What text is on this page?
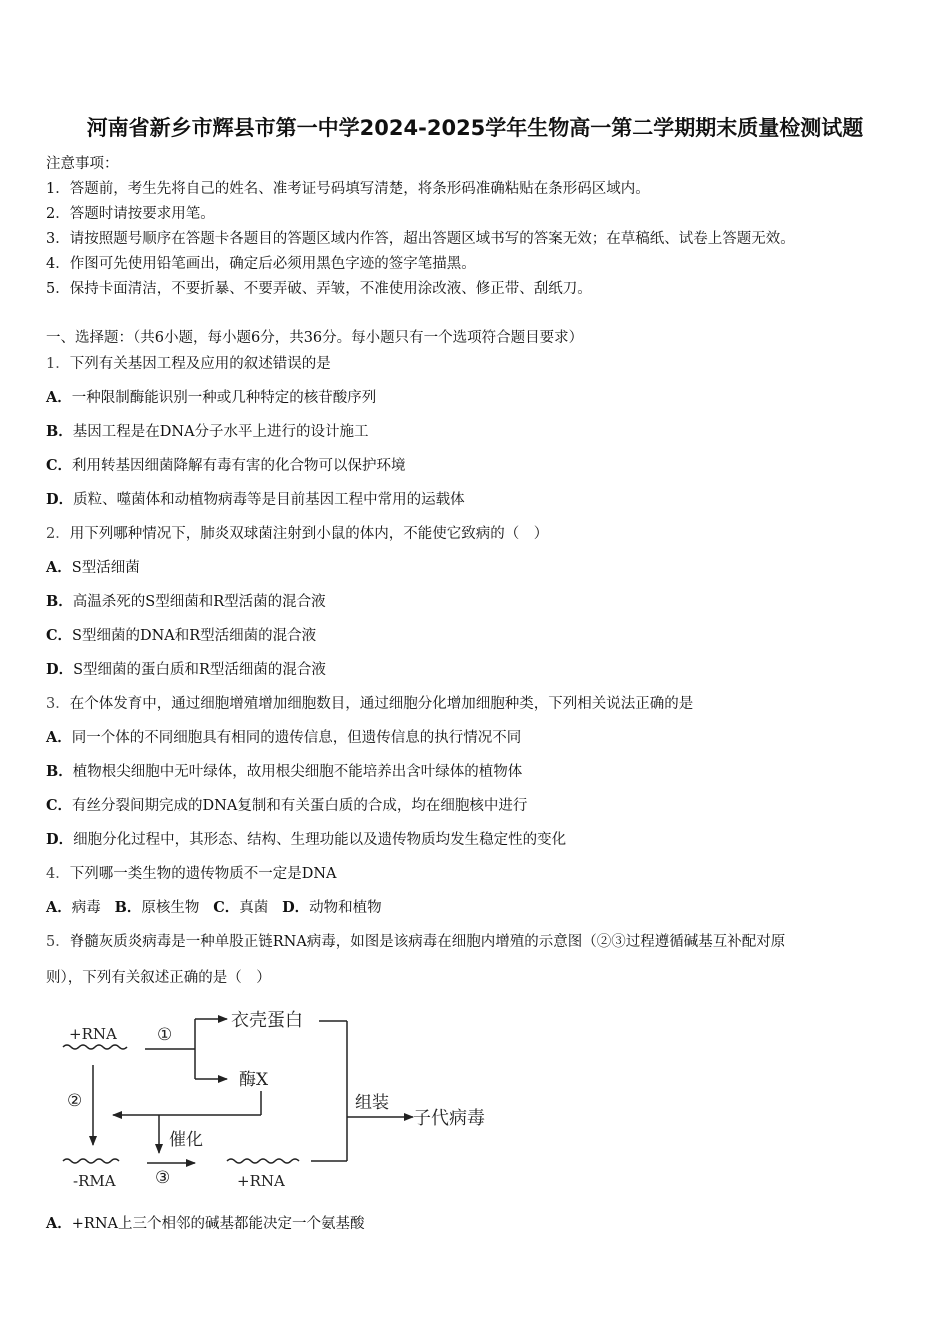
河南省新乡市辉县市第一中学2024-2025学年生物高一第二学期期末质量检测试题
注意事项：
1．答题前，考生先将自己的姓名、准考证号码填写清楚，将条形码准确粘贴在条形码区域内。
2．答题时请按要求用笔。
3．请按照题号顺序在答题卡各题目的答题区域内作答，超出答题区域书写的答案无效；在草稿纸、试卷上答题无效。
4．作图可先使用铅笔画出，确定后必须用黑色字迹的签字笔描黑。
5．保持卡面清洁，不要折暴、不要弄破、弄皱，不准使用涂改液、修正带、刮纸刀。
一、选择题：（共6小题，每小题6分，共36分。每小题只有一个选项符合题目要求）
1．下列有关基因工程及应用的叙述错误的是
A．一种限制酶能识别一种或几种特定的核苷酸序列
B．基因工程是在DNA分子水平上进行的设计施工
C．利用转基因细菌降解有毒有害的化合物可以保护环境
D．质粒、噬菌体和动植物病毒等是目前基因工程中常用的运载体
2．用下列哪种情况下，肺炎双球菌注射到小鼠的体内，不能使它致病的（　）
A．S型活细菌
B．高温杀死的S型细菌和R型活菌的混合液
C．S型细菌的DNA和R型活细菌的混合液
D．S型细菌的蛋白质和R型活细菌的混合液
3．在个体发育中，通过细胞增殖增加细胞数目，通过细胞分化增加细胞种类，下列相关说法正确的是
A．同一个体的不同细胞具有相同的遗传信息，但遗传信息的执行情况不同
B．植物根尖细胞中无叶绿体，故用根尖细胞不能培养出含叶绿体的植物体
C．有丝分裂间期完成的DNA复制和有关蛋白质的合成，均在细胞核中进行
D．细胞分化过程中，其形态、结构、生理功能以及遗传物质均发生稳定性的变化
4．下列哪一类生物的遗传物质不一定是DNA
A．病毒 B．原核生物 C．真菌 D．动物和植物
5．脊髓灰质炎病毒是一种单股正链RNA病毒，如图是该病毒在细胞内增殖的示意图（②③过程遵循碱基互补配对原
则），下列有关叙述正确的是（　）
+RNA ①
衣壳蛋白
酶X
②
催化
组装
子代病毒
-RMA ③	+RNA
A．+RNA上三个相邻的碱基都能决定一个氨基酸
